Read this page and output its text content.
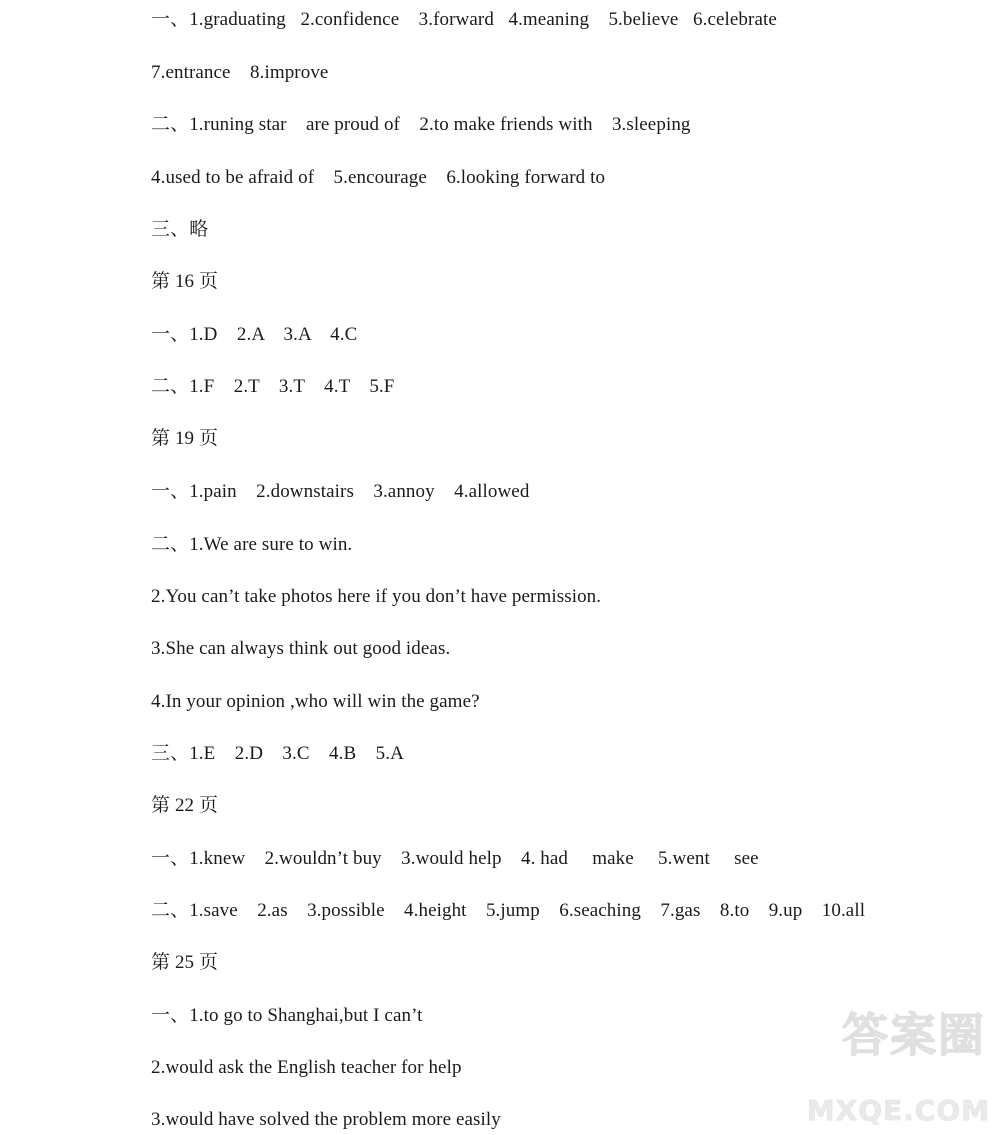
一、1.graduating   2.confidence    3.forward   4.meaning    5.believe   6.celebrate
7.entrance    8.improve
二、1.runing star    are proud of    2.to make friends with    3.sleeping
4.used to be afraid of    5.encourage    6.looking forward to
三、略
第 16 页
一、1.D    2.A    3.A    4.C
二、1.F    2.T    3.T    4.T    5.F
第 19 页
一、1.pain    2.downstairs    3.annoy    4.allowed
二、1.We are sure to win.
2.You can’t take photos here if you don’t have permission.
3.She can always think out good ideas.
4.In your opinion ,who will win the game?
三、1.E    2.D    3.C    4.B    5.A
第 22 页
一、1.knew    2.wouldn’t buy    3.would help    4. had     make     5.went     see
二、1.save    2.as    3.possible    4.height    5.jump    6.seaching    7.gas    8.to    9.up    10.all
第 25 页
一、1.to go to Shanghai,but I can’t
2.would ask the English teacher for help
3.would have solved the problem more easily
答案圈
MXQE.COM
